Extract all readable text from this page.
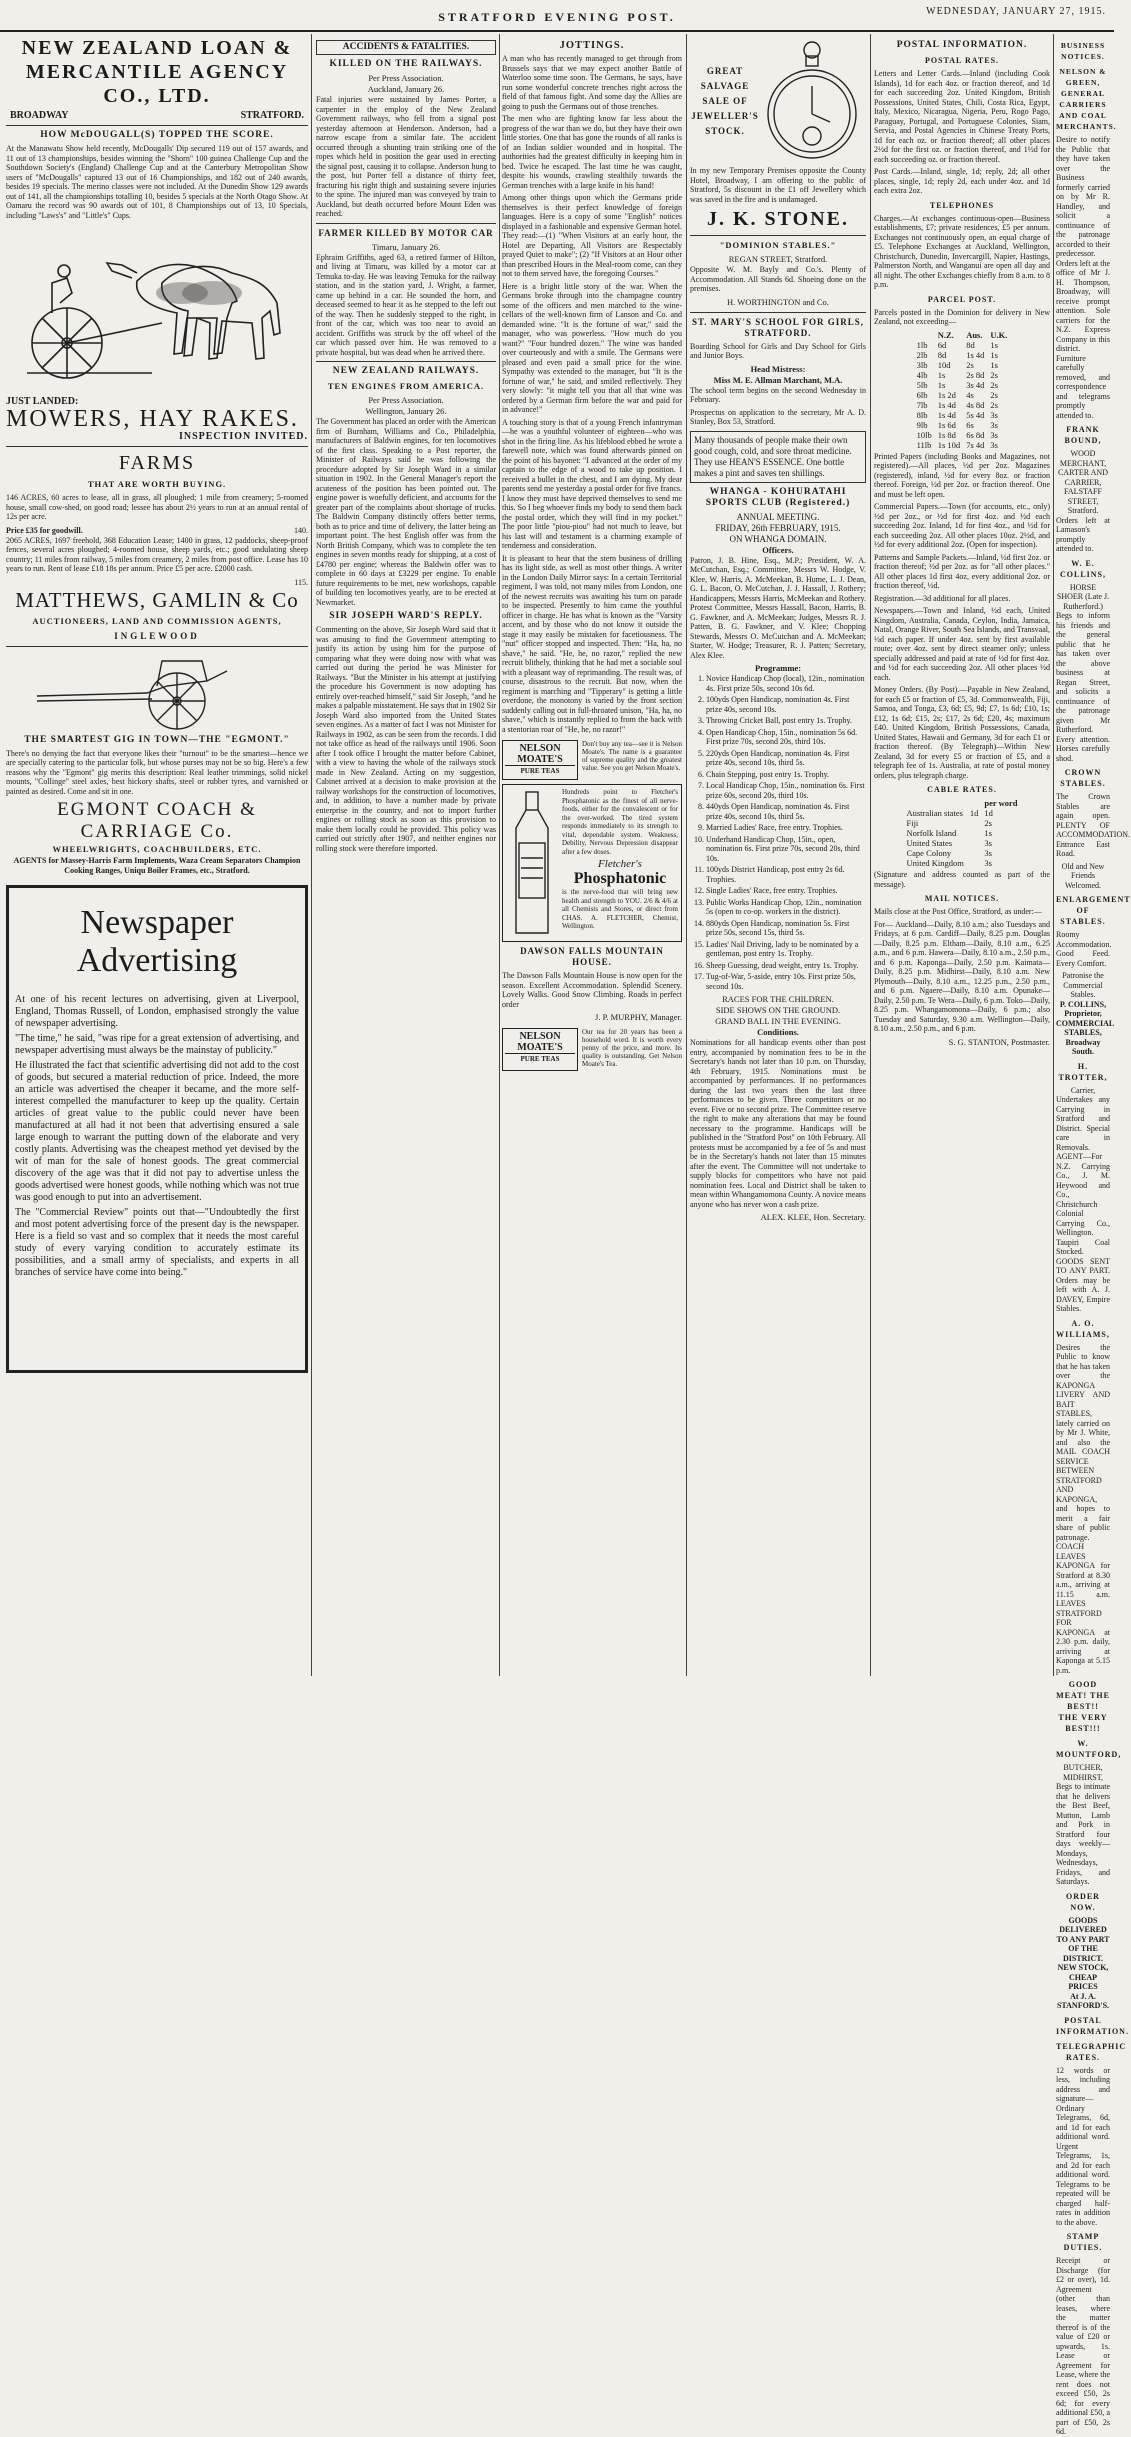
STRATFORD EVENING POST.	WEDNESDAY, JANUARY 27, 1915.
NEW ZEALAND LOAN & MERCANTILE AGENCY CO., LTD.
BROADWAY	STRATFORD.
HOW McDOUGALL(S) TOPPED THE SCORE.

At the Manawatu Show held recently, McDougalls' Dip secured 119 out of 157 awards, and 11 out of 13 championships, besides winning the "Shorn" 100 guinea Challenge Cup and the Southdown Society's (England) Challenge Cup and at the Canterbury Metropolitan Show users of "McDougalls" captured 13 out of 16 Championships, and 182 out of 240 awards, besides 19 specials. The merino classes were not included. At the Dunedin Show 129 awards out of 141, all the championships totalling 10, besides 5 specials at the North Otago Show. At Oamaru the record was 90 awards out of 101, 8 Championships out of 13, 10 Specials, including "Laws's" and "Little's" Cups.

JUST LANDED:
MOWERS, HAY RAKES.
INSPECTION INVITED.
FARMS
THAT ARE WORTH BUYING.

146 ACRES, 60 acres to lease, all in grass, all ploughed; 1 mile from creamery; 5-roomed house, small cow-shed, on good road; lessee has about 2½ years to run at an annual rental of 12s per acre.

Price £35 for goodwill.	140.

2065 ACRES, 1697 freehold, 368 Education Lease; 1400 in grass, 12 paddocks, sheep-proof fences, several acres ploughed; 4-roomed house, sheep yards, etc.; good undulating sheep country; 11 miles from railway, 5 miles from creamery, 2 miles from post office. Lease has 10 years to run. Rent of lease £18 18s per annum. Price £5 per acre. £2000 cash.

115.
MATTHEWS, GAMLIN & Co
AUCTIONEERS, LAND AND COMMISSION AGENTS,
INGLEWOOD
THE SMARTEST GIG IN TOWN—THE "EGMONT."

There's no denying the fact that everyone likes their "turnout" to be the smartest—hence we are specially catering to the particular folk, but whose purses may not be so big. Here's a few reasons why the "Egmont" gig merits this description: Real leather trimmings, solid nickel mounts, "Collinge" steel axles, best hickory shafts, steel or rubber tyres, and varnished or painted as desired. Come and sit in one.

EGMONT COACH & CARRIAGE Co.
WHEELWRIGHTS, COACHBUILDERS, ETC.

AGENTS for Massey-Harris Farm Implements, Waza Cream Separators Champion Cooking Ranges, Uniqu Boiler Frames, etc., Stratford.

Newspaper Advertising

At one of his recent lectures on advertising, given at Liverpool, England, Thomas Russell, of London, emphasised strongly the value of newspaper advertising.

"The time," he said, "was ripe for a great extension of advertising, and newspaper advertising must always be the mainstay of publicity."

He illustrated the fact that scientific advertising did not add to the cost of goods, but secured a material reduction of price. Indeed, the more an article was advertised the cheaper it became, and the more self-interest compelled the manufacturer to keep up the quality. Certain articles of great value to the public could never have been manufactured at all had it not been that advertising ensured a sale large enough to warrant the putting down of the elaborate and very costly plants. Advertising was the cheapest method yet devised by the wit of man for the sale of honest goods. The great commercial discovery of the age was that it did not pay to advertise unless the goods advertised were honest goods, while nothing which was not true was good enough to put into an advertisement.

The "Commercial Review" points out that—"Undoubtedly the first and most potent advertising force of the present day is the newspaper. Here is a field so vast and so complex that it needs the most careful study of every varying condition to accurately estimate its possibilities, and a small army of specialists, and experts in all branches of service have come into being."

ACCIDENTS & FATALITIES.
KILLED ON THE RAILWAYS.
Per Press Association.
Auckland, January 26.

Fatal injuries were sustained by James Porter, a carpenter in the employ of the New Zealand Government railways, who fell from a signal post yesterday afternoon at Henderson. Anderson, had a narrow escape from a similar fate. The accident occurred through a shunting train striking one of the ropes which held in position the gear used in erecting the signal post, causing it to collapse. Anderson hung to the post, but Porter fell a distance of thirty feet, fracturing his right thigh and sustaining severe injuries to the spine. The injured man was conveyed by train to Auckland, but death occurred before Mount Eden was reached.

FARMER KILLED BY MOTOR CAR
Timaru, January 26.

Ephraim Griffiths, aged 63, a retired farmer of Hilton, and living at Timaru, was killed by a motor car at Temuka to-day. He was leaving Temuka for the railway station, and in the station yard, J. Wright, a farmer, came up behind in a car. He sounded the horn, and deceased seemed to hear it as he stepped to the left out of the way. Then he suddenly stepped to the right, in front of the car, which was too near to avoid an accident. Griffiths was struck by the off wheel of the car which passed over him. He was removed to a private hospital, but was dead when he arrived there.

NEW ZEALAND RAILWAYS.
TEN ENGINES FROM AMERICA.
Per Press Association.
Wellington, January 26.

The Government has placed an order with the American firm of Burnham, Williams and Co., Philadelphia, manufacturers of Baldwin engines, for ten locomotives of the first class. Speaking to a Post reporter, the Minister of Railways said he was following the procedure adopted by Sir Joseph Ward in a similar situation in 1902. In the General Manager's report the acuteness of the position has been pointed out. The engine power is woefully deficient, and accounts for the greater part of the complaints about shortage of trucks. The Baldwin Company distinctly offers better terms, both as to price and time of delivery, the latter being an important point. The best English offer was from the North British Company, which was to complete the ten engines in seven months ready for shipping, at a cost of £4780 per engine; whereas the Baldwin offer was to complete in 60 days at £3229 per engine. To enable future requirements to be met, new workshops, capable of building ten locomotives yearly, are to be erected at Newmarket.

SIR JOSEPH WARD'S REPLY.

Commenting on the above, Sir Joseph Ward said that it was amusing to find the Government attempting to justify its action by using him for the purpose of comparing what they were doing now with what was carried out during the period he was Minister for Railways. "But the Minister in his attempt at justifying the procedure his Government is now adopting has entirely over-reached himself," said Sir Joseph, "and he makes a palpable misstatement. He says that in 1902 Sir Joseph Ward also imported from the United States seven engines. As a matter of fact I was not Minister for Railways in 1902, as can be seen from the records. I did not take office as head of the railways until 1906. Soon after I took office I brought the matter before Cabinet, with a view to having the whole of the railways stock made in New Zealand. Acting on my suggestion, Cabinet arrived at a decision to make provision at the railway workshops for the construction of locomotives, and, in addition, to have a number made by private enterprise in the country, and not to import further engines or rolling stock as soon as this provision to make them locally could be provided. This policy was carried out strictly after 1907, and neither engines nor rolling stock were therefore imported.

JOTTINGS.

A man who has recently managed to get through from Brussels says that we may expect another Battle of Waterloo some time soon. The Germans, he says, have run some wonderful concrete trenches right across the field of that famous fight. And some day the Allies are going to push the Germans out of those trenches.

The men who are fighting know far less about the progress of the war than we do, but they have their own little stories. One that has gone the rounds of all ranks is of an Indian soldier wounded and in hospital. The authorities had the greatest difficulty in keeping him in bed. Twice he escaped. The last time he was caught, despite his wounds, crawling stealthily towards the German trenches with a large knife in his hand!

Among other things upon which the Germans pride themselves is their perfect knowledge of foreign languages. Here is a copy of some "English" notices displayed in a fashionable and expensive German hotel. They read:—(1) "When Visitors at an early hour, the Hotel are Departing, All Visitors are Respectably prayed Quiet to make"; (2) "If Visitors at an Hour other than prescribed Hours in the Meal-room come, can they not to them served have, the foregoing Courses."

Here is a bright little story of the war. When the Germans broke through into the champagne country some of the officers and men marched to the wine-cellars of the well-known firm of Lanson and Co. and demanded wine. "It is the fortune of war," said the manager, who was powerless. "How much do you want?" "Four hundred dozen." The wine was handed over courteously and with a smile. The Germans were pleased and even paid a small price for the wine. Sympathy was extended to the manager, but "It is the fortune of war," he said, and smiled reflectively. They very slowly: "it might tell you that all that wine was ordered by a German firm before the war and paid for in advance!"

A touching story is that of a young French infantryman—he was a youthful volunteer of eighteen—who was shot in the firing line. As his lifeblood ebbed he wrote a farewell note, which was found afterwards pinned on the point of his bayonet: "I advanced at the order of my captain to the edge of a wood to take up position. I received a bullet in the chest, and I am dying. My dear parents send me yesterday a postal order for five francs. I know they must have deprived themselves to send me this. So I beg whoever finds my body to send them back the postal order, which they will find in my pocket." The poor little "piou-piou" had not much to leave, but his last will and testament is a charming example of tenderness and consideration.

It is pleasant to hear that the stern business of drilling has its light side, as well as most other things. A writer in the London Daily Mirror says: In a certain Territorial regiment, I was told, not many miles from London, one of the newest recruits was awaiting his turn on parade to be inspected. Presently to him came the youthful officer in charge. He has what is known as the "Varsity accent, and by those who do not know it outside the stage it may easily be mistaken for facetiousness. The "nut" officer stopped and inspected. Then: "Ha, ha, no shave," he said. "He, he, no razor," replied the new recruit blithely, thinking that he had met a sociable soul with a pleasant way of reprimanding. The result was, of course, disastrous to the recruit. But now, when the regiment is marching and "Tipperary" is getting a little overdone, the monotony is varied by the front section suddenly calling out in full-throated unison, "Ha, ha, no shave," which is instantly replied to from the back with a stentorian roar of "He, he, no razor!"

NELSON MOATE'S
PURE TEAS

Don't buy any tea—see it is Nelson Moate's. The name is a guarantee of supreme quality and the greatest value. See you get Nelson Moate's.

Hundreds point to Fletcher's Phosphatonic as the finest of all nerve-foods, either for the convalescent or for the over-worked. The tired system responds immediately to its strength to vital, dependable system. Weakness, Debility, Nervous Depression disappear after a few doses.

Fletcher's
Phosphatonic

is the nerve-food that will bring new health and strength to YOU. 2/6 & 4/6 at all Chemists and Stores, or direct from CHAS. A. FLETCHER, Chemist, Wellington.

DAWSON FALLS MOUNTAIN HOUSE.

The Dawson Falls Mountain House is now open for the season. Excellent Accommodation. Splendid Scenery. Lovely Walks. Good Snow Climbing. Roads in perfect order

J. P. MURPHY, Manager.
NELSON MOATE'S
PURE TEAS

Our tea for 20 years has been a household word. It is worth every penny of the price, and more. Its quality is outstanding. Get Nelson Moate's Tea.

GREAT SALVAGE SALE OF JEWELLER'S STOCK.

In my new Temporary Premises opposite the County Hotel, Broadway, I am offering to the public of Stratford, 5s discount in the £1 off Jewellery which was saved in the fire and is undamaged.

J. K. STONE.
"DOMINION STABLES."
REGAN STREET, Stratford.

Opposite W. M. Bayly and Co.'s. Plenty of Accommodation. All Stands 6d. Shoeing done on the premises.

H. WORTHINGTON and Co.
ST. MARY'S SCHOOL FOR GIRLS, STRATFORD.

Boarding School for Girls and Day School for Girls and Junior Boys.

Head Mistress:
Miss M. E. Allman Marchant, M.A.

The school term begins on the second Wednesday in February.

Prospectus on application to the secretary, Mr A. D. Stanley, Box 53, Stratford.

Many thousands of people make their own good cough, cold, and sore throat medicine. They use HEAN'S ESSENCE. One bottle makes a pint and saves ten shillings.
WHANGA - KOHURATAHI SPORTS CLUB (Registered.)
ANNUAL MEETING.
FRIDAY, 26th FEBRUARY, 1915.
ON WHANGA DOMAIN.
Officers.

Patron, J. B. Hine, Esq., M.P.; President, W. A. McCutchan, Esq.; Committee, Messrs W. Hodge, V. Klee, W. Harris, A. McMeekan, B. Hume, L. J. Dean, G. L. Bacon, O. McCutchan, J. J. Hassall, J. Rothery; Handicappers, Messrs Harris, McMeekan and Rothery. Protest Committee, Messrs Hassall, Bacon, Harris, B. G. Fawkner, and A. McMeekan; Judges, Messrs R. J. Patten, B. G. Fawkner, and V. Klee; Chopping Stewards, Messrs O. McCutchan and A. McMeekan; Starter, W. Hodge; Treasurer, R. J. Patten; Secretary, Alex Klee.

Programme:
1. Novice Handicap Chop (local), 12in., nomination 4s. First prize 50s, second 10s 6d.
2. 100yds Open Handicap, nomination 4s. First prize 40s, second 10s.
3. Throwing Cricket Ball, post entry 1s. Trophy.
4. Open Handicap Chop, 15in., nomination 5s 6d. First prize 70s, second 20s, third 10s.
5. 220yds Open Handicap, nomination 4s. First prize 40s, second 10s, third 5s.
6. Chain Stepping, post entry 1s. Trophy.
7. Local Handicap Chop, 15in., nomination 6s. First prize 60s, second 20s, third 10s.
8. 440yds Open Handicap, nomination 4s. First prize 40s, second 10s, third 5s.
9. Married Ladies' Race, free entry. Trophies.
10. Underhand Handicap Chop, 15in., open, nomination 6s. First prize 70s, second 20s, third 10s.
11. 100yds District Handicap, post entry 2s 6d. Trophies.
12. Single Ladies' Race, free entry. Trophies.
13. Public Works Handicap Chop, 12in., nomination 5s (open to co-op. workers in the district).
14. 880yds Open Handicap, nomination 5s. First prize 50s, second 15s, third 5s.
15. Ladies' Nail Driving, lady to be nominated by a gentleman, post entry 1s. Trophy.
16. Sheep Guessing, dead weight, entry 1s. Trophy.
17. Tug-of-War, 5-aside, entry 10s. First prize 50s, second 10s.
RACES FOR THE CHILDREN.
SIDE SHOWS ON THE GROUND.
GRAND BALL IN THE EVENING.
Conditions.

Nominations for all handicap events other than post entry, accompanied by nomination fees to be in the Secretary's hands not later than 10 p.m. on Thursday, 4th February, 1915. Nominations must be accompanied by performances. If no performances during the last two years then the last three performances to be given. Three competitors or no event. Five or no second prize. The Committee reserve the right to make any alterations that may be found necessary to the programme. Handicaps will be published in the "Stratford Post" on 10th February. All protests must be accompanied by a fee of 5s and must be in the Secretary's hands not later than 15 minutes after the event. The Committee will not undertake to supply blocks for competitors who have not paid nomination fees. Local and District shall be taken to mean within Whangamomona County. A novice means anyone who has never won a cash prize.

ALEX. KLEE, Hon. Secretary.
POSTAL INFORMATION.
POSTAL RATES.

Letters and Letter Cards.—Inland (including Cook Islands), 1d for each 4oz. or fraction thereof, and 1d for each succeeding 2oz. United Kingdom, British Possessions, United States, Chili, Costa Rica, Egypt, Italy, Mexico, Nicaragua, Nigeria, Peru, Rogo Pago, Paraguay, Portugal, and Portuguese Colonies, Siam, Servia, and Postal Agencies in Chinese Treaty Ports, 1d for each oz. or fraction thereof; all other places 2½d for the first oz. or fraction thereof, and 1½d for each succeeding oz. or fraction thereof.

Post Cards.—Inland, single, 1d; reply, 2d; all other places, single, 1d; reply 2d, each under 4oz. and 1d each extra 2oz.

TELEPHONES

Charges.—At exchanges continuous-open—Business establishments, £7; private residences, £5 per annum. Exchanges not continuously open, an equal charge of £5. Telephone Exchanges at Auckland, Wellington, Christchurch, Dunedin, Invercargill, Napier, Hastings, Palmerston North, and Wanganui are open all day and all night. The other Exchanges chiefly from 8 a.m. to 8 p.m.

PARCEL POST.

Parcels posted in the Dominion for delivery in New Zealand, not exceeding—

	N.Z.	Aus.	U.K.
1lb	6d	8d	1s
2lb	8d	1s 4d	1s
3lb	10d	2s	1s
4lb	1s	2s 8d	2s
5lb	1s	3s 4d	2s
6lb	1s 2d	4s	2s
7lb	1s 4d	4s 8d	2s
8lb	1s 4d	5s 4d	3s
9lb	1s 6d	6s	3s
10lb	1s 8d	6s 8d	3s
11lb	1s 10d	7s 4d	3s

Printed Papers (including Books and Magazines, not registered).—All places, ½d per 2oz. Magazines (registered), inland, ½d for every 8oz. or fraction thereof. Foreign, ½d per 2oz. or fraction thereof. One and must be left open.

Commercial Papers.—Town (for accounts, etc., only) ½d per 2oz., or ½d for first 4oz. and ½d each succeeding 2oz. Inland, 1d for first 4oz., and ½d for each succeeding 2oz. All other places 10oz. 2½d, and ½d for every additional 2oz. (Open for inspection).

Patterns and Sample Packets.—Inland, ½d first 2oz. or fraction thereof; ½d per 2oz. as for "all other places." All other places 1d first 4oz, every additional 2oz. or fraction thereof, ½d.

Registration.—3d additional for all places.

Newspapers.—Town and Inland, ½d each, United Kingdom, Australia, Canada, Ceylon, India, Jamaica, Natal, Orange River, South Sea Islands, and Transvaal, ½d each paper. If under 4oz. sent by first available route; over 4oz. sent by direct steamer only; unless specially addressed and paid at rate of ½d for first 4oz. and ½d for each succeeding 2oz. All other places ½d each.

Money Orders. (By Post).—Payable in New Zealand, for each £5 or fraction of £5, 3d. Commonwealth, Fiji, Samoa, and Tonga, £3, 6d; £5, 9d; £7, 1s 6d; £10, 1s; £12, 1s 6d; £15, 2s; £17, 2s 6d; £20, 4s; maximum £40. United Kingdom, British Possessions, Canada, United States, Hawaii and Germany, 3d for each £1 or fraction thereof. (By Telegraph)—Within New Zealand, 3d for every £5 or fraction of £5, and a telegraph fee of 1s. Australia, at rate of postal money orders, plus telegraph charge.

CABLE RATES.
		per word
Australian states	1d	1d
Fiji		2s
Norfolk Island		1s
United States		3s
Cape Colony		3s
United Kingdom		3s

(Signature and address counted as part of the message).

MAIL NOTICES.

Mails close at the Post Office, Stratford, as under:—

For— Auckland—Daily, 8.10 a.m.; also Tuesdays and Fridays, at 6 p.m. Cardiff—Daily, 8.25 p.m. Douglas—Daily, 8.25 p.m. Eltham—Daily, 8.10 a.m., 6.25 a.m., and 6 p.m. Hawera—Daily, 8.10 a.m., 2.50 p.m., and 6 p.m. Kaponga—Daily, 2.50 p.m. Kaimata—Daily, 8.25 p.m. Midhirst—Daily, 8.10 a.m. New Plymouth—Daily, 8.10 a.m., 12.25 p.m., 2.50 p.m., and 6 p.m. Ngaere—Daily, 8.10 a.m. Opunake—Daily, 2.50 p.m. Te Wera—Daily, 6 p.m. Toko—Daily, 8.25 p.m. Whangamomona—Daily, 6 p.m.; also Tuesday and Saturday, 9.30 a.m. Wellington—Daily, 8.10 a.m., 2.50 p.m., and 6 p.m.

S. G. STANTON, Postmaster.
BUSINESS NOTICES.
NELSON & GREEN, GENERAL CARRIERS AND COAL MERCHANTS.

Desire to notify the Public that they have taken over the Business formerly carried on by Mr R. Handley, and solicit a continuance of the patronage accorded to their predecessor. Orders left at the office of Mr J. H. Thompson, Broadway, will receive prompt attention. Sole carriers for the N.Z. Express Company in this district. Furniture carefully removed, and correspondence and telegrams promptly attended to.

FRANK BOUND,
WOOD MERCHANT, CARTER AND CARRIER, FALSTAFF STREET, Stratford.

Orders left at Lamason's promptly attended to.

W. E. COLLINS,
HORSE SHOER (Late J. Rutherford.)

Begs to inform his friends and the general public that he has taken over the above business at Regan Street, and solicits a continuance of the patronage given Mr Rutherford. Every attention. Horses carefully shod.

CROWN STABLES.

The Crown Stables are again open. PLENTY OF ACCOMMODATION. Entrance East Road.

Old and New Friends Welcomed.
ENLARGEMENT OF STABLES.

Roomy Accommodation. Good Feed. Every Comfort.

Patronise the Commercial Stables.
P. COLLINS, Proprietor, COMMERCIAL STABLES, Broadway South.
H. TROTTER,
Carrier,

Undertakes any Carrying in Stratford and District. Special care in Removals. AGENT—For N.Z. Carrying Co., J. M. Heywood and Co., Christchurch Colonial Carrying Co., Wellington. Taupiri Coal Stocked. GOODS SENT TO ANY PART. Orders may be left with A. J. DAVEY, Empire Stables.

A. O. WILLIAMS,

Desires the Public to know that he has taken over the KAPONGA LIVERY AND BAIT STABLES, lately carried on by Mr J. White, and also the MAIL COACH SERVICE BETWEEN STRATFORD AND KAPONGA, and hopes to merit a fair share of public patronage. COACH LEAVES KAPONGA for Stratford at 8.30 a.m., arriving at 11.15 a.m. LEAVES STRATFORD FOR KAPONGA at 2.30 p.m. daily, arriving at Kaponga at 5.15 p.m.

GOOD MEAT! THE BEST!! THE VERY BEST!!!
W. MOUNTFORD,
BUTCHER, MIDHIRST,

Begs to intimate that he delivers the Best Beef, Mutton, Lamb and Pork in Stratford four days weekly—Mondays, Wednesdays, Fridays, and Saturdays.

ORDER NOW.
GOODS DELIVERED TO ANY PART OF THE DISTRICT.
NEW STOCK, CHEAP PRICES
At J. A. STANFORD'S.
POSTAL INFORMATION.
TELEGRAPHIC RATES.

12 words or less, including address and signature—Ordinary Telegrams, 6d, and 1d for each additional word. Urgent Telegrams, 1s, and 2d for each additional word. Telegrams to be repeated will be charged half-rates in addition to the above.

STAMP DUTIES.

Receipt or Discharge (for £2 or over), 1d. Agreement (other than leases, where the matter thereof is of the value of £20 or upwards, 1s. Lease or Agreement for Lease, where the rent does not exceed £50, 2s 6d; for every additional £50, a part of £50, 2s 6d.
